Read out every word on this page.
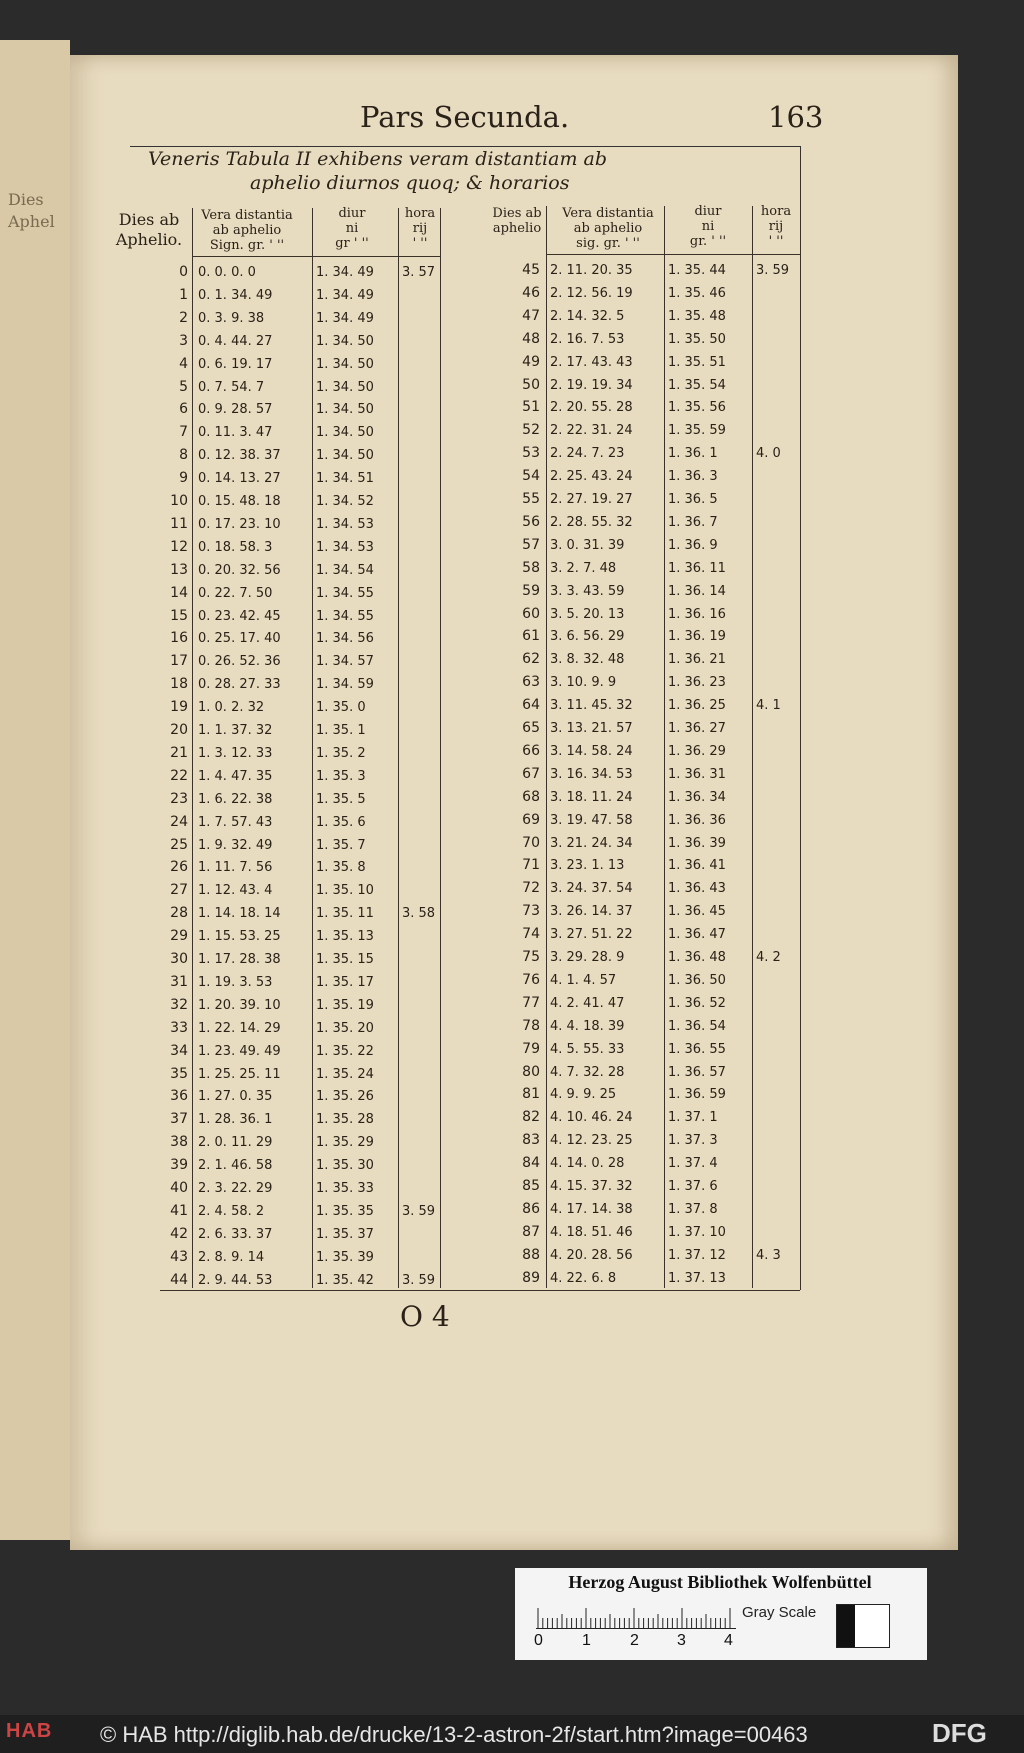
Dies
Aphel
Pars Secunda.	163
Veneris Tabula II exhibens veram distantiam ab
aphelio diurnos quoq; & horarios
Dies ab
Aphelio.
Vera distantia
ab aphelio
Sign. gr. ' ''
diur
ni
gr ' ''
hora
rij
' ''
Dies ab
aphelio
Vera distantia
ab aphelio
sig. gr. ' ''
diur
ni
gr. ' ''
hora
rij
' ''
0 0. 0. 0. 0	1. 34. 49	3. 57
1 0. 1. 34. 49	1. 34. 49
2 0. 3. 9. 38	1. 34. 49
3 0. 4. 44. 27	1. 34. 50
4 0. 6. 19. 17	1. 34. 50
5 0. 7. 54. 7	1. 34. 50
6 0. 9. 28. 57	1. 34. 50
7 0. 11. 3. 47	1. 34. 50
8 0. 12. 38. 37	1. 34. 50
9 0. 14. 13. 27	1. 34. 51
10 0. 15. 48. 18	1. 34. 52
11 0. 17. 23. 10	1. 34. 53
12 0. 18. 58. 3	1. 34. 53
13 0. 20. 32. 56	1. 34. 54
14 0. 22. 7. 50	1. 34. 55
15 0. 23. 42. 45	1. 34. 55
16 0. 25. 17. 40	1. 34. 56
17 0. 26. 52. 36	1. 34. 57
18 0. 28. 27. 33	1. 34. 59
19 1. 0. 2. 32	1. 35. 0
20 1. 1. 37. 32	1. 35. 1
21 1. 3. 12. 33	1. 35. 2
22 1. 4. 47. 35	1. 35. 3
23 1. 6. 22. 38	1. 35. 5
24 1. 7. 57. 43	1. 35. 6
25 1. 9. 32. 49	1. 35. 7
26 1. 11. 7. 56	1. 35. 8
27 1. 12. 43. 4	1. 35. 10
28 1. 14. 18. 14	1. 35. 11	3. 58
29 1. 15. 53. 25	1. 35. 13
30 1. 17. 28. 38	1. 35. 15
31 1. 19. 3. 53	1. 35. 17
32 1. 20. 39. 10	1. 35. 19
33 1. 22. 14. 29	1. 35. 20
34 1. 23. 49. 49	1. 35. 22
35 1. 25. 25. 11	1. 35. 24
36 1. 27. 0. 35	1. 35. 26
37 1. 28. 36. 1	1. 35. 28
38 2. 0. 11. 29	1. 35. 29
39 2. 1. 46. 58	1. 35. 30
40 2. 3. 22. 29	1. 35. 33
41 2. 4. 58. 2	1. 35. 35	3. 59
42 2. 6. 33. 37	1. 35. 37
43 2. 8. 9. 14	1. 35. 39
44 2. 9. 44. 53	1. 35. 42	3. 59
45 2. 11. 20. 35	1. 35. 44	3. 59
46 2. 12. 56. 19	1. 35. 46
47 2. 14. 32. 5	1. 35. 48
48 2. 16. 7. 53	1. 35. 50
49 2. 17. 43. 43	1. 35. 51
50 2. 19. 19. 34	1. 35. 54
51 2. 20. 55. 28	1. 35. 56
52 2. 22. 31. 24	1. 35. 59
53 2. 24. 7. 23	1. 36. 1	4. 0
54 2. 25. 43. 24	1. 36. 3
55 2. 27. 19. 27	1. 36. 5
56 2. 28. 55. 32	1. 36. 7
57 3. 0. 31. 39	1. 36. 9
58 3. 2. 7. 48	1. 36. 11
59 3. 3. 43. 59	1. 36. 14
60 3. 5. 20. 13	1. 36. 16
61 3. 6. 56. 29	1. 36. 19
62 3. 8. 32. 48	1. 36. 21
63 3. 10. 9. 9	1. 36. 23
64 3. 11. 45. 32	1. 36. 25	4. 1
65 3. 13. 21. 57	1. 36. 27
66 3. 14. 58. 24	1. 36. 29
67 3. 16. 34. 53	1. 36. 31
68 3. 18. 11. 24	1. 36. 34
69 3. 19. 47. 58	1. 36. 36
70 3. 21. 24. 34	1. 36. 39
71 3. 23. 1. 13	1. 36. 41
72 3. 24. 37. 54	1. 36. 43
73 3. 26. 14. 37	1. 36. 45
74 3. 27. 51. 22	1. 36. 47
75 3. 29. 28. 9	1. 36. 48	4. 2
76 4. 1. 4. 57	1. 36. 50
77 4. 2. 41. 47	1. 36. 52
78 4. 4. 18. 39	1. 36. 54
79 4. 5. 55. 33	1. 36. 55
80 4. 7. 32. 28	1. 36. 57
81 4. 9. 9. 25	1. 36. 59
82 4. 10. 46. 24	1. 37. 1
83 4. 12. 23. 25	1. 37. 3
84 4. 14. 0. 28	1. 37. 4
85 4. 15. 37. 32	1. 37. 6
86 4. 17. 14. 38	1. 37. 8
87 4. 18. 51. 46	1. 37. 10
88 4. 20. 28. 56	1. 37. 12	4. 3
89 4. 22. 6. 8	1. 37. 13
O 4
Herzog August Bibliothek Wolfenbüttel
0 1 2 3 4
Gray Scale
HAB © HAB http://diglib.hab.de/drucke/13-2-astron-2f/start.htm?image=00463	DFG
